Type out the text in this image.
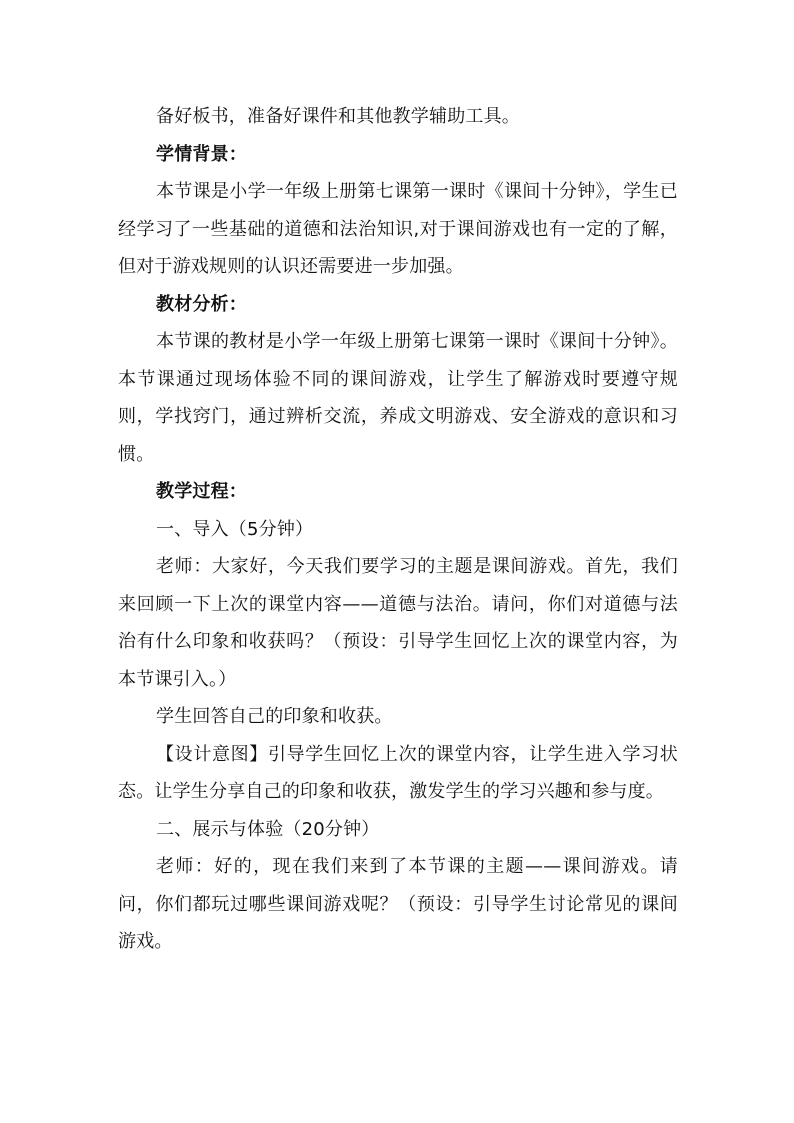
备好板书，准备好课件和其他教学辅助工具。

学情背景：

本节课是小学一年级上册第七课第一课时《课间十分钟》，学生已经学习了一些基础的道德和法治知识,对于课间游戏也有一定的了解，但对于游戏规则的认识还需要进一步加强。

教材分析：

本节课的教材是小学一年级上册第七课第一课时《课间十分钟》。本节课通过现场体验不同的课间游戏，让学生了解游戏时要遵守规则，学找窍门，通过辨析交流，养成文明游戏、安全游戏的意识和习惯。

教学过程：

一、导入（5分钟）

老师：大家好，今天我们要学习的主题是课间游戏。首先，我们来回顾一下上次的课堂内容——道德与法治。请问，你们对道德与法治有什么印象和收获吗？（预设：引导学生回忆上次的课堂内容，为本节课引入。）

学生回答自己的印象和收获。

【设计意图】引导学生回忆上次的课堂内容，让学生进入学习状态。让学生分享自己的印象和收获，激发学生的学习兴趣和参与度。

二、展示与体验（20分钟）

老师：好的，现在我们来到了本节课的主题——课间游戏。请问，你们都玩过哪些课间游戏呢？（预设：引导学生讨论常见的课间游戏。
